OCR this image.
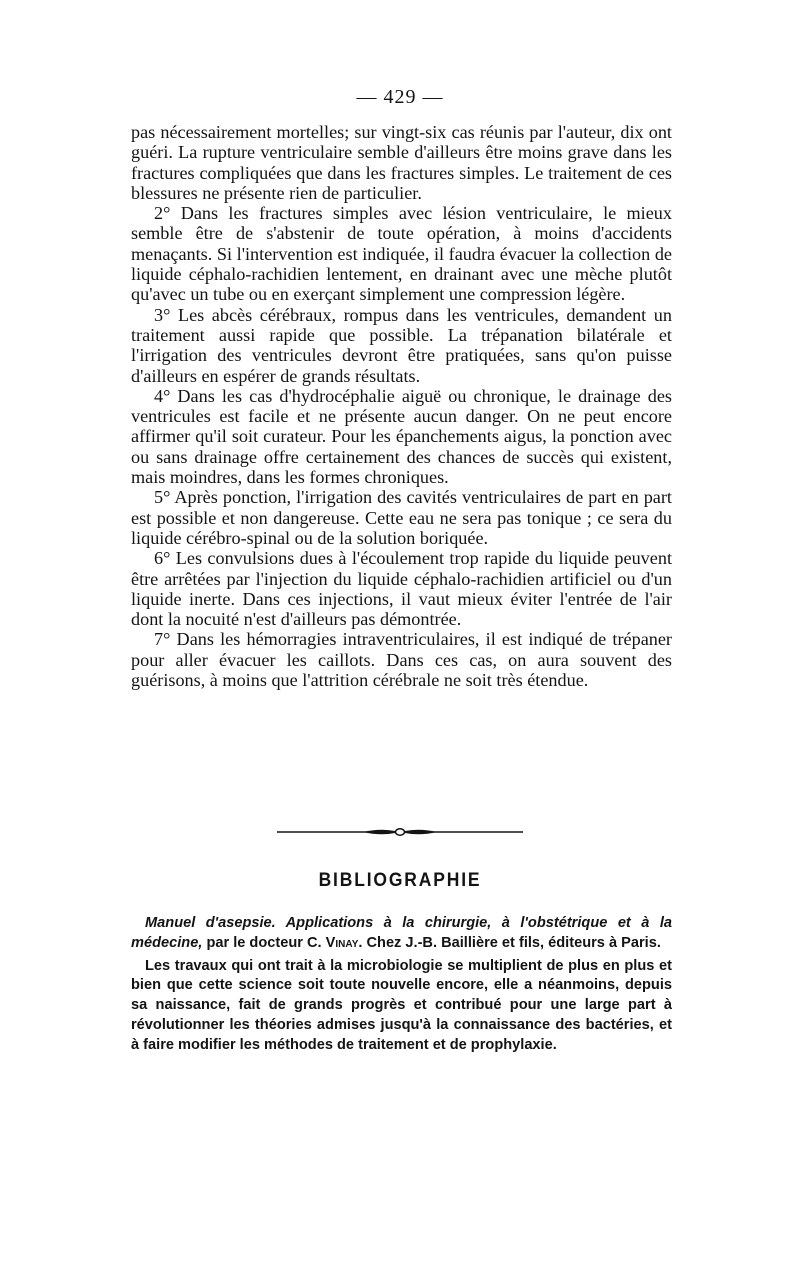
— 429 —

pas nécessairement mortelles; sur vingt-six cas réunis par l'auteur, dix ont guéri. La rupture ventriculaire semble d'ailleurs être moins grave dans les fractures compliquées que dans les fractures simples. Le traitement de ces blessures ne présente rien de particulier.

2° Dans les fractures simples avec lésion ventriculaire, le mieux semble être de s'abstenir de toute opération, à moins d'accidents menaçants. Si l'intervention est indiquée, il faudra évacuer la collection de liquide céphalo-rachidien lentement, en drainant avec une mèche plutôt qu'avec un tube ou en exerçant simplement une compression légère.

3° Les abcès cérébraux, rompus dans les ventricules, demandent un traitement aussi rapide que possible. La trépanation bilatérale et l'irrigation des ventricules devront être pratiquées, sans qu'on puisse d'ailleurs en espérer de grands résultats.

4° Dans les cas d'hydrocéphalie aiguë ou chronique, le drainage des ventricules est facile et ne présente aucun danger. On ne peut encore affirmer qu'il soit curateur. Pour les épanchements aigus, la ponction avec ou sans drainage offre certainement des chances de succès qui existent, mais moindres, dans les formes chroniques.

5° Après ponction, l'irrigation des cavités ventriculaires de part en part est possible et non dangereuse. Cette eau ne sera pas tonique ; ce sera du liquide cérébro-spinal ou de la solution boriquée.

6° Les convulsions dues à l'écoulement trop rapide du liquide peuvent être arrêtées par l'injection du liquide céphalo-rachidien artificiel ou d'un liquide inerte. Dans ces injections, il vaut mieux éviter l'entrée de l'air dont la nocuité n'est d'ailleurs pas démontrée.

7° Dans les hémorragies intraventriculaires, il est indiqué de trépaner pour aller évacuer les caillots. Dans ces cas, on aura souvent des guérisons, à moins que l'attrition cérébrale ne soit très étendue.

BIBLIOGRAPHIE

Manuel d'asepsie. Applications à la chirurgie, à l'obstétrique et à la médecine, par le docteur C. Vinay. Chez J.-B. Baillière et fils, éditeurs à Paris.

Les travaux qui ont trait à la microbiologie se multiplient de plus en plus et bien que cette science soit toute nouvelle encore, elle a néanmoins, depuis sa naissance, fait de grands progrès et contribué pour une large part à révolutionner les théories admises jusqu'à la connaissance des bactéries, et à faire modifier les méthodes de traitement et de prophylaxie.
